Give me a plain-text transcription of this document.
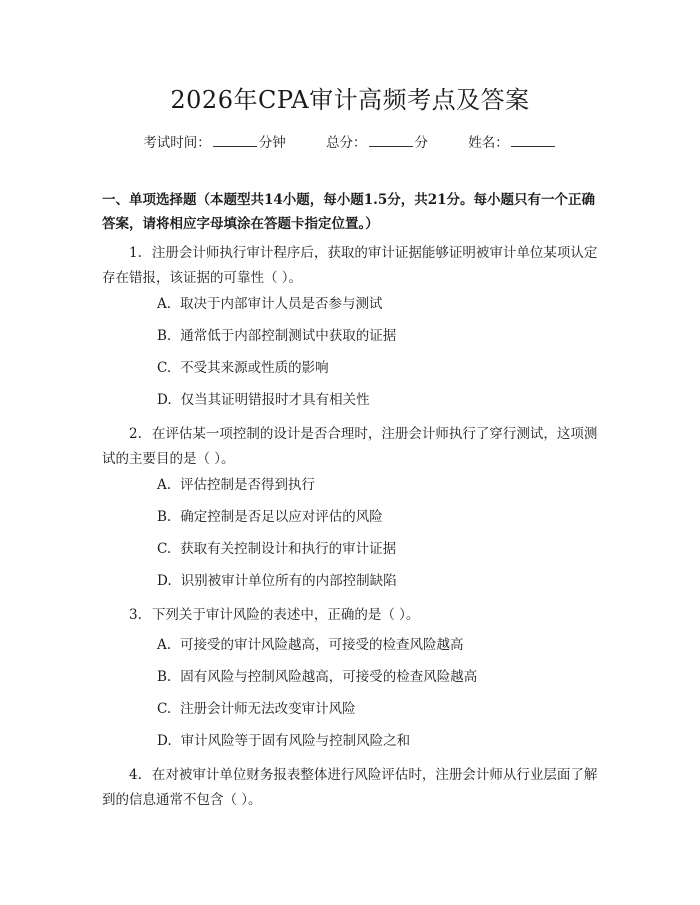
2026年CPA审计高频考点及答案
考试时间：	分钟	总分：	分	姓名：
一、单项选择题（本题型共14小题，每小题1.5分，共21分。每小题只有一个正确答案，请将相应字母填涂在答题卡指定位置。）
1. 注册会计师执行审计程序后，获取的审计证据能够证明被审计单位某项认定存在错报，该证据的可靠性（ ）。
A. 取决于内部审计人员是否参与测试
B. 通常低于内部控制测试中获取的证据
C. 不受其来源或性质的影响
D. 仅当其证明错报时才具有相关性
2. 在评估某一项控制的设计是否合理时，注册会计师执行了穿行测试，这项测试的主要目的是（ ）。
A. 评估控制是否得到执行
B. 确定控制是否足以应对评估的风险
C. 获取有关控制设计和执行的审计证据
D. 识别被审计单位所有的内部控制缺陷
3. 下列关于审计风险的表述中，正确的是（ ）。
A. 可接受的审计风险越高，可接受的检查风险越高
B. 固有风险与控制风险越高，可接受的检查风险越高
C. 注册会计师无法改变审计风险
D. 审计风险等于固有风险与控制风险之和
4. 在对被审计单位财务报表整体进行风险评估时，注册会计师从行业层面了解到的信息通常不包含（ ）。
